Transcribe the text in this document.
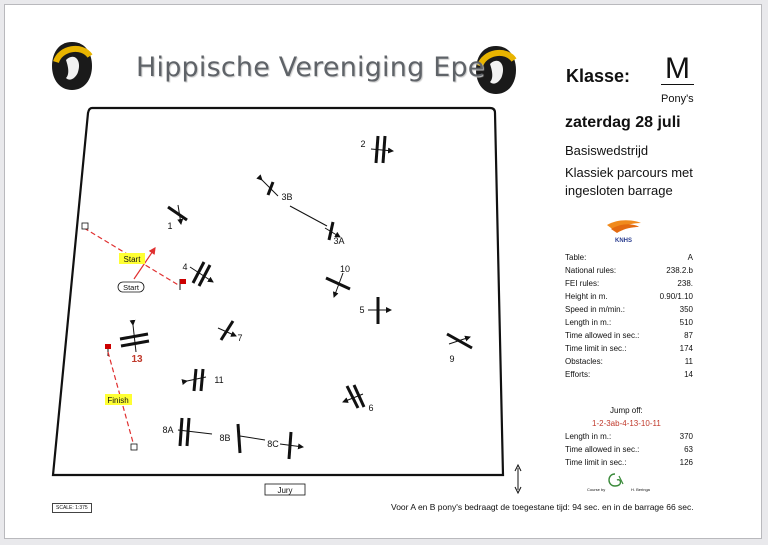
Hippische Vereniging Epe	Klasse: M
Pony's
zaterdag 28 juli
Basiswedstrijd
Klassiek parcours met
ingesloten barrage
KNHS
Table:	A
National rules:	238.2.b
FEI rules:	238.
Height in m.	0.90/1.10
Speed in m/min.:	350
Length in m.:	510
Time allowed in sec.:	87
Time limit in sec.:	174
Obstacles:	11
Efforts:	14
Jump off:
1-2-3ab-4-13-10-11
Length in m.:	370
Time allowed in sec.:	63
Time limit in sec.:	126
Course by	H. Beringa
Voor A en B pony's bedraagt de toegestane tijd: 94 sec. en in de barrage 66 sec.
SCALE: 1:375
Jury
Start
Start
Finish
1
2
3B
3A
4	10
5
7
13	9
11
6
8A
8B
8C
